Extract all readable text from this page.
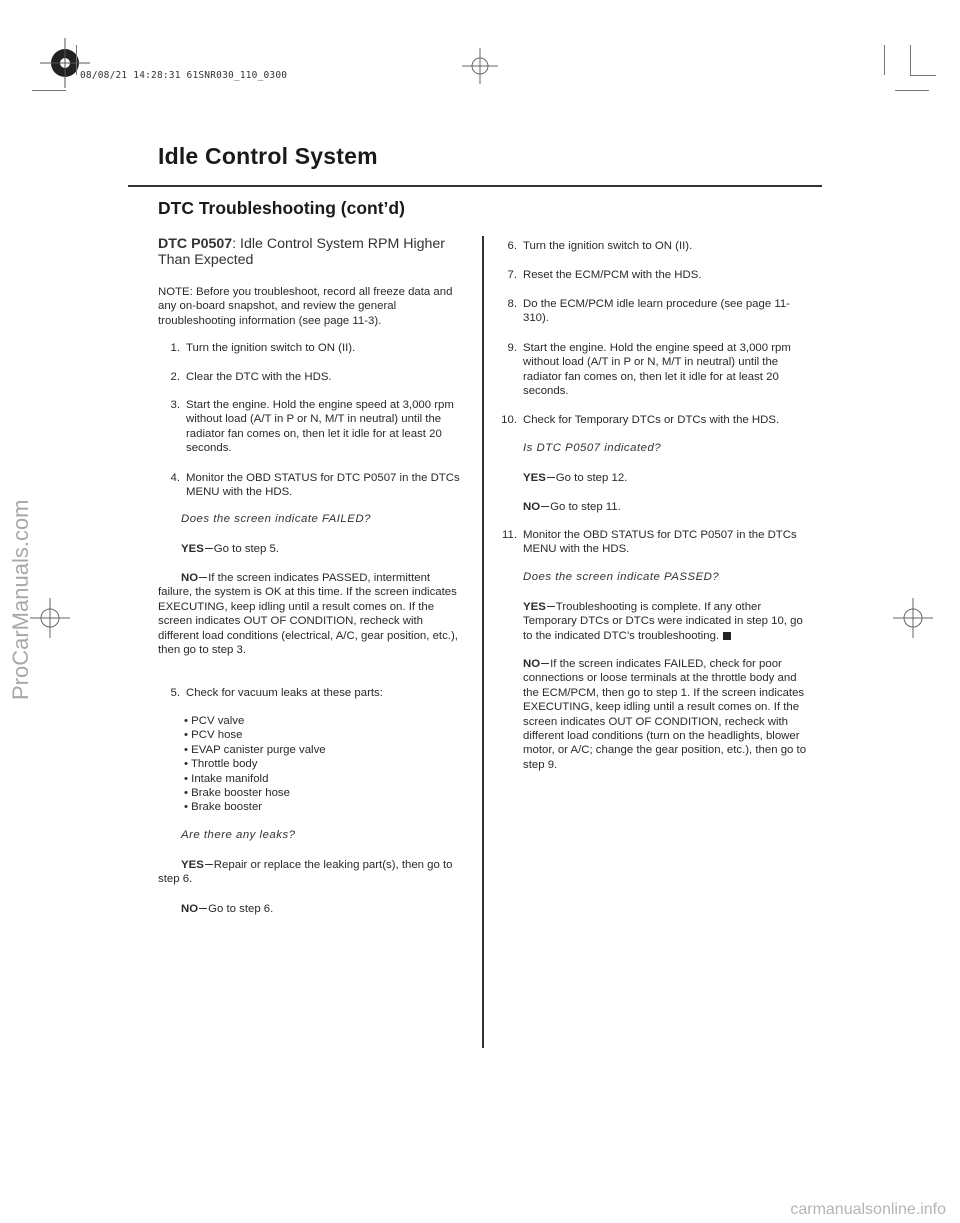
08/08/21 14:28:31 61SNR030_110_0300
Idle Control System
DTC Troubleshooting (cont’d)
DTC P0507: Idle Control System RPM Higher Than Expected
NOTE: Before you troubleshoot, record all freeze data and any on-board snapshot, and review the general troubleshooting information (see page 11-3).
1. Turn the ignition switch to ON (II).
2. Clear the DTC with the HDS.
3. Start the engine. Hold the engine speed at 3,000 rpm without load (A/T in P or N, M/T in neutral) until the radiator fan comes on, then let it idle for at least 20 seconds.
4. Monitor the OBD STATUS for DTC P0507 in the DTCs MENU with the HDS.
Does the screen indicate FAILED?
YES Go to step 5.
NO If the screen indicates PASSED, intermittent failure, the system is OK at this time. If the screen indicates EXECUTING, keep idling until a result comes on. If the screen indicates OUT OF CONDITION, recheck with different load conditions (electrical, A/C, gear position, etc.), then go to step 3.
5. Check for vacuum leaks at these parts:
• PCV valve
• PCV hose
• EVAP canister purge valve
• Throttle body
• Intake manifold
• Brake booster hose
• Brake booster
Are there any leaks?
YES Repair or replace the leaking part(s), then go to step 6.
NO Go to step 6.
6. Turn the ignition switch to ON (II).
7. Reset the ECM/PCM with the HDS.
8. Do the ECM/PCM idle learn procedure (see page 11-310).
9. Start the engine. Hold the engine speed at 3,000 rpm without load (A/T in P or N, M/T in neutral) until the radiator fan comes on, then let it idle for at least 20 seconds.
10. Check for Temporary DTCs or DTCs with the HDS.
Is DTC P0507 indicated?
YES Go to step 12.
NO Go to step 11.
11. Monitor the OBD STATUS for DTC P0507 in the DTCs MENU with the HDS.
Does the screen indicate PASSED?
YES Troubleshooting is complete. If any other Temporary DTCs or DTCs were indicated in step 10, go to the indicated DTC’s troubleshooting.
NO If the screen indicates FAILED, check for poor connections or loose terminals at the throttle body and the ECM/PCM, then go to step 1. If the screen indicates EXECUTING, keep idling until a result comes on. If the screen indicates OUT OF CONDITION, recheck with different load conditions (turn on the headlights, blower motor, or A/C; change the gear position, etc.), then go to step 9.
ProCarManuals.com
carmanualsonline.info
